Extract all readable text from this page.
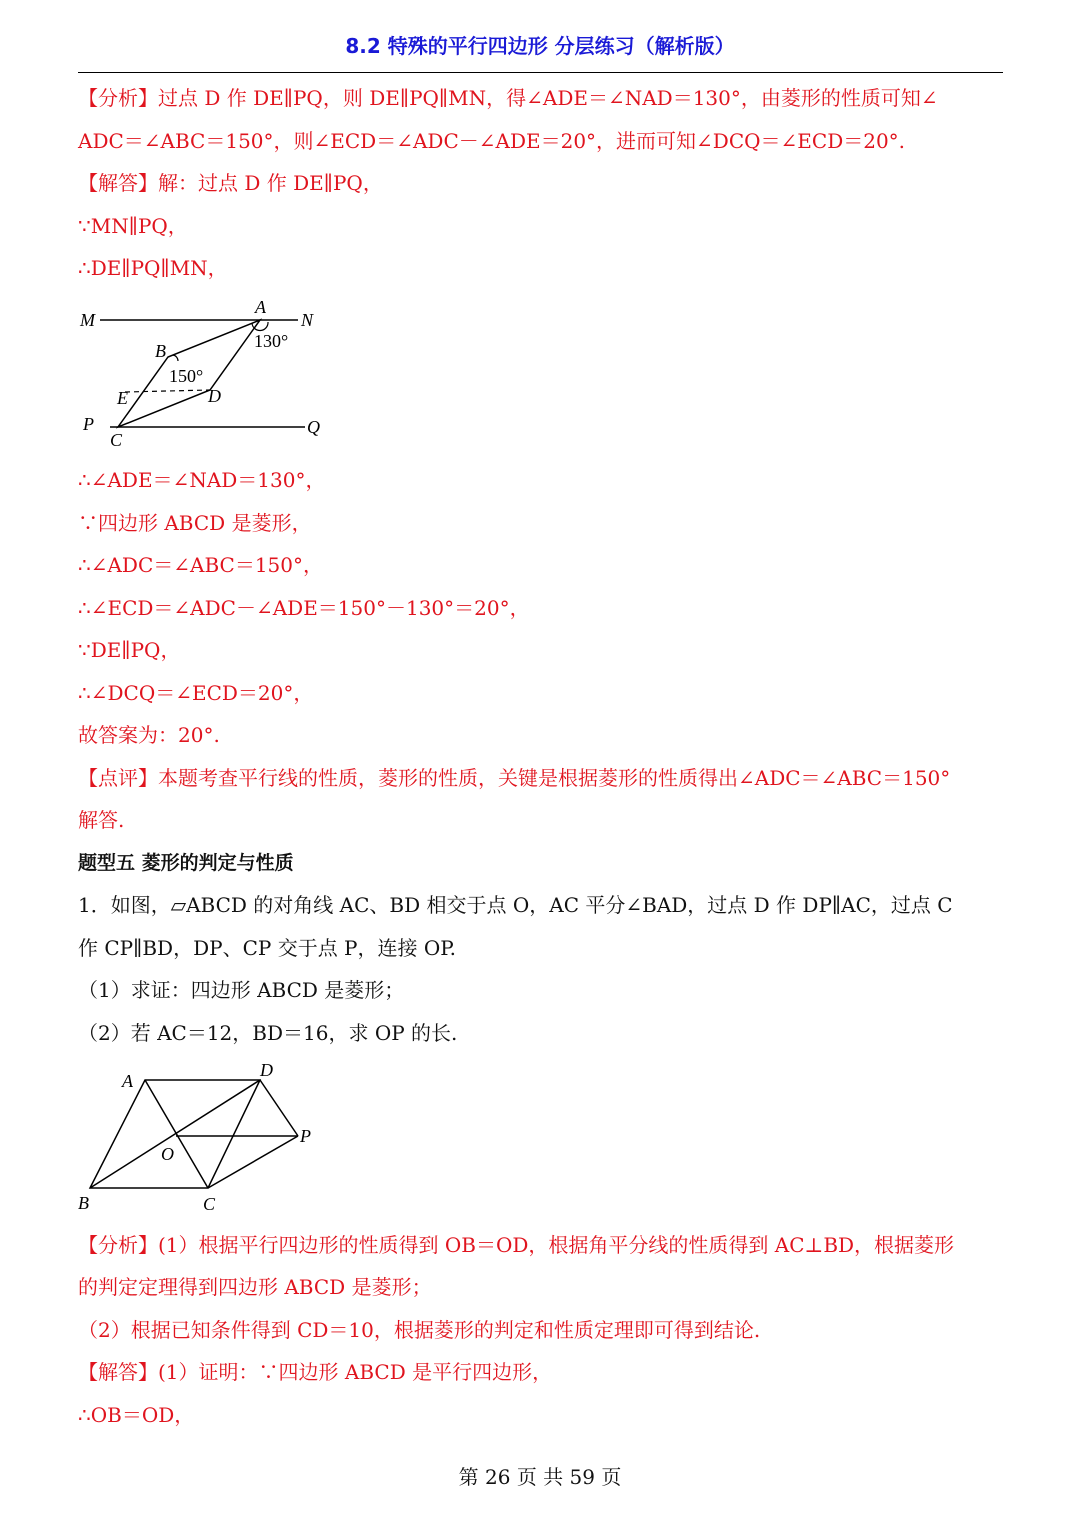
8.2 特殊的平行四边形 分层练习（解析版）
【分析】过点 D 作 DE∥PQ，则 DE∥PQ∥MN，得∠ADE＝∠NAD＝130°，由菱形的性质可知∠
ADC＝∠ABC＝150°，则∠ECD＝∠ADC－∠ADE＝20°，进而可知∠DCQ＝∠ECD＝20°.
【解答】解：过点 D 作 DE∥PQ，
∵MN∥PQ，
∴DE∥PQ∥MN，
M	N
A
B
E	D
P
C
Q
130°
150°
∴∠ADE＝∠NAD＝130°，
∵四边形 ABCD 是菱形，
∴∠ADC＝∠ABC＝150°，
∴∠ECD＝∠ADC－∠ADE＝150°－130°＝20°，
∵DE∥PQ，
∴∠DCQ＝∠ECD＝20°，
故答案为：20°.
【点评】本题考查平行线的性质，菱形的性质，关键是根据菱形的性质得出∠ADC＝∠ABC＝150°
解答.
题型五 菱形的判定与性质
1．如图，▱ABCD 的对角线 AC、BD 相交于点 O，AC 平分∠BAD，过点 D 作 DP∥AC，过点 C
作 CP∥BD，DP、CP 交于点 P，连接 OP.
（1）求证：四边形 ABCD 是菱形；
（2）若 AC＝12，BD＝16，求 OP 的长.
A
D
P
O
B	C
【分析】(1）根据平行四边形的性质得到 OB＝OD，根据角平分线的性质得到 AC⊥BD，根据菱形
的判定定理得到四边形 ABCD 是菱形；
（2）根据已知条件得到 CD＝10，根据菱形的判定和性质定理即可得到结论.
【解答】(1）证明：∵四边形 ABCD 是平行四边形，
∴OB＝OD，
第 26 页 共 59 页
